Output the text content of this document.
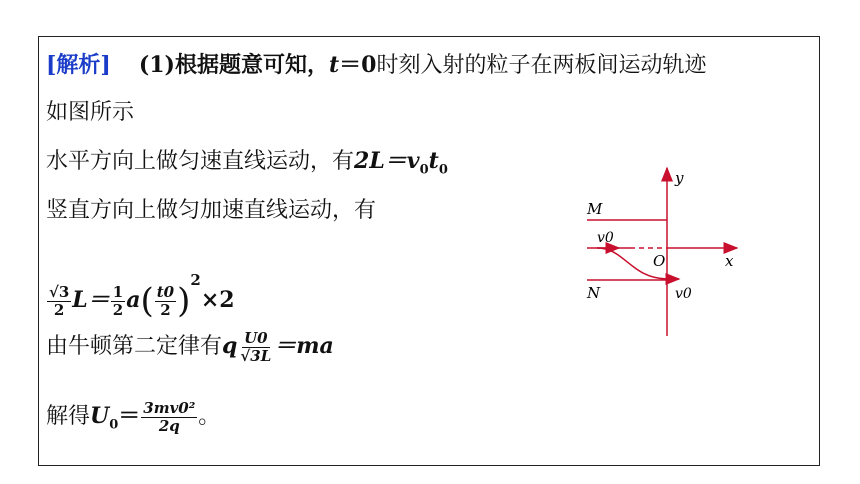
[解析] (1)根据题意可知，t＝0时刻入射的粒子在两板间运动轨迹
如图所示
水平方向上做匀速直线运动，有$2L=v_0t_0$
竖直方向上做匀加速直线运动，有
$\frac{√3}{2} L= \frac{1}{2} a( \frac{t0}{2} )^2\times 2$
由牛顿第二定律有q $\frac{U0}{√3L} =ma$
解得$U_0= \frac{\text{3mv0²}}{2q}$ 。
y
x
O
M
N
v0
v0
